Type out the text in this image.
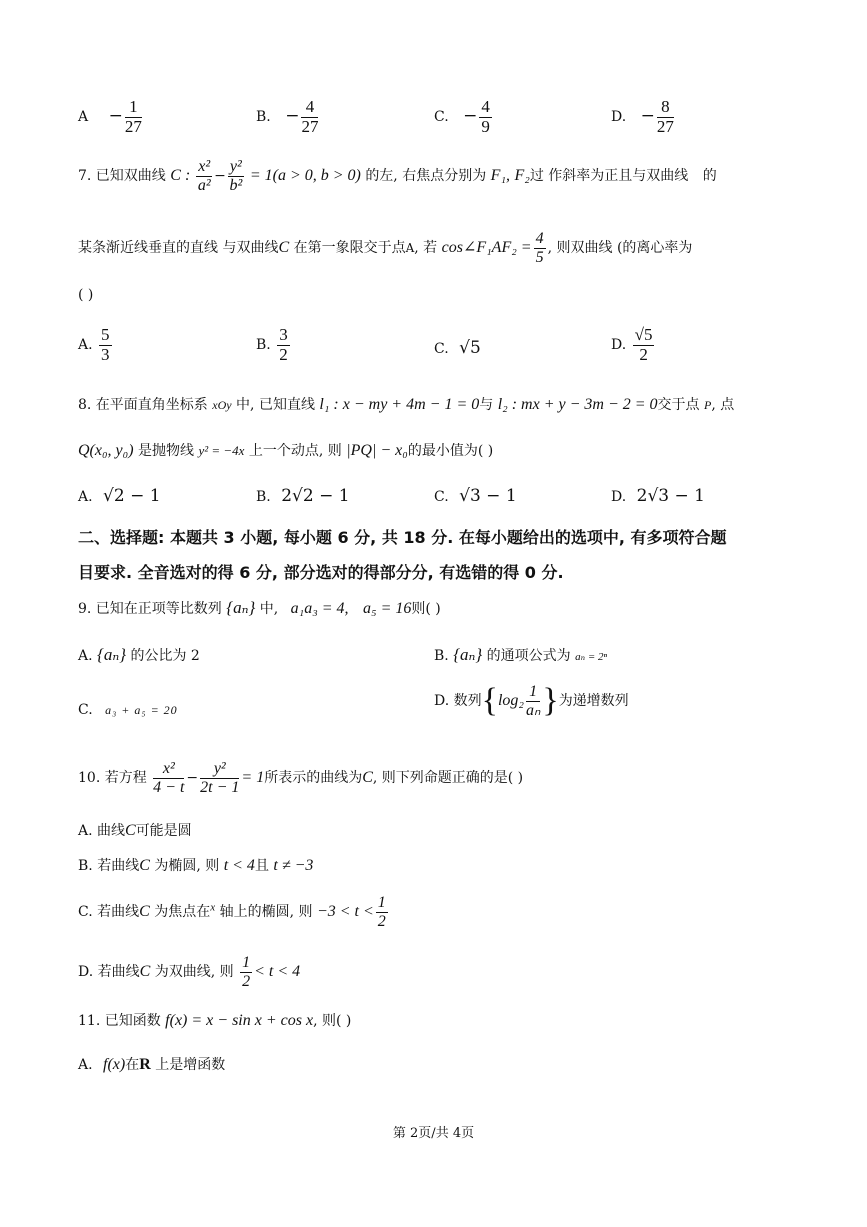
$A - \frac{1}{27}$	B. − $\frac{4}{27}$	C. − $\frac{4}{9}$	D. − $\frac{8}{27}$
7. 已知双曲线 C : $\frac{\text{x²}}{\text{a²}} - \frac{\text{y²}}{\text{b²}} = 1(a > 0$, b > 0) 的左, 右焦点分别为 F₁, F₂过 作斜率为正且与双曲线 的
某条渐近线垂直的直线 与双曲线C 在第一象限交于点A, 若 cos∠F₁AF₂ = $\frac{4}{5}$ , 则双曲线 (的离心率为
( )
A. $\frac{5}{3}$	B. $\frac{3}{2}$	C. √5	D. $\frac{√5}{2}$
8. 在平面直角坐标系 xOy 中, 已知直线 l₁ : x − my + 4m − 1 = 0与 l₂ : mx + y − 3m − 2 = 0交于点 P, 点
Q(x₀, y₀) 是抛物线 y² = −4x 上一个动点, 则 |PQ| − x₀的最小值为( )
A. √2 − 1	B. 2√2 − 1	C. √3 − 1	D. 2√3 − 1
二、选择题: 本题共 3 小题, 每小题 6 分, 共 18 分. 在每小题给出的选项中, 有多项符合题
目要求. 全音选对的得 6 分, 部分选对的得部分分, 有选错的得 0 分.
9. 已知在正项等比数列 {aₙ} 中, a₁a₃ = 4, a₅ = 16则( )
A. {aₙ} 的公比为 2	B. {aₙ} 的通项公式为 aₙ = 2ⁿ
C. a₃ + a₅ = 20
D. 数列{$\log_2 \frac{1}{\text{aₙ}}$ }为递增数列
10. 若方程 $\frac{\text{x²}}{4 - t} - \frac{\text{y²}}{2t - 1} = 1$所表示的曲线为C, 则下列命题正确的是( )
A. 曲线C可能是圆
B. 若曲线C 为椭圆, 则 t < 4且 t ≠ −3
C. 若曲线C 为焦点在$^x$ 轴上的椭圆, 则 $-3 < t < \frac{1}{2}$
D. 若曲线C 为双曲线, 则 $\frac{1}{2} < t < 4$
11. 已知函数 f(x) = x − sin x + cos x, 则( )
A. f(x)在R 上是增函数
第 2页/共 4页
